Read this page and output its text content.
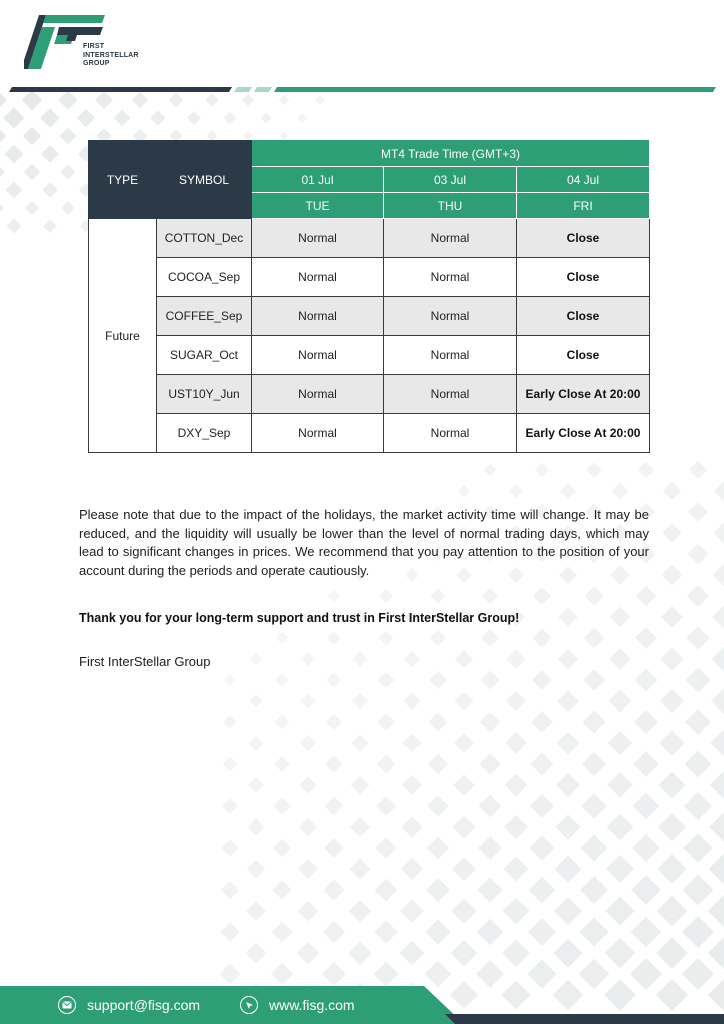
FIRST
INTERSTELLAR
GROUP
TYPE	SYMBOL	MT4 Trade Time (GMT+3)		
		01 Jul	03 Jul	04 Jul
		TUE	THU	FRI
Future	COTTON_Dec	Normal	Normal	Close
	COCOA_Sep	Normal	Normal	Close
	COFFEE_Sep	Normal	Normal	Close
	SUGAR_Oct	Normal	Normal	Close
	UST10Y_Jun	Normal	Normal	Early Close At 20:00
	DXY_Sep	Normal	Normal	Early Close At 20:00

Please note that due to the impact of the holidays, the market activity time will change. It may be reduced, and the liquidity will usually be lower than the level of normal trading days, which may lead to significant changes in prices. We recommend that you pay attention to the position of your account during the periods and operate cautiously.

Thank you for your long-term support and trust in First InterStellar Group!

First InterStellar Group

support@fisg.com	www.fisg.com
